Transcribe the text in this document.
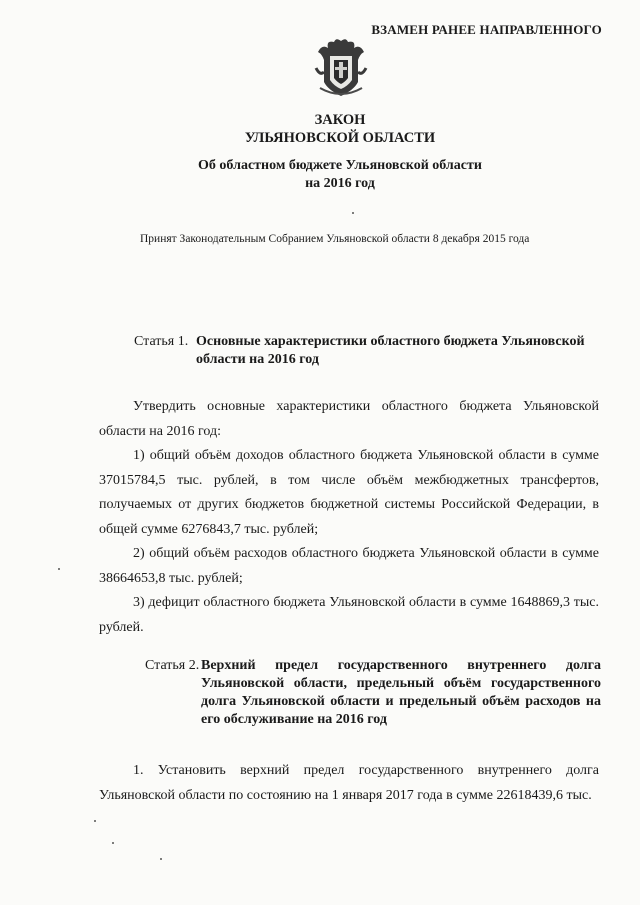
ВЗАМЕН РАНЕЕ НАПРАВЛЕННОГО
ЗАКОН
УЛЬЯНОВСКОЙ ОБЛАСТИ
Об областном бюджете Ульяновской области
на 2016 год
Принят Законодательным Собранием Ульяновской области 8 декабря 2015 года
Статья 1. Основные характеристики областного бюджета Ульяновской области на 2016 год

Утвердить основные характеристики областного бюджета Ульяновской области на 2016 год:

1) общий объём доходов областного бюджета Ульяновской области в сумме 37015784,5 тыс. рублей, в том числе объём межбюджетных трансфертов, получаемых от других бюджетов бюджетной системы Российской Федерации, в общей сумме 6276843,7 тыс. рублей;

2) общий объём расходов областного бюджета Ульяновской области в сумме 38664653,8 тыс. рублей;

3) дефицит областного бюджета Ульяновской области в сумме 1648869,3 тыс. рублей.

Статья 2. Верхний предел государственного внутреннего долга Ульяновской области, предельный объём государственного долга Ульяновской области и предельный объём расходов на его обслуживание на 2016 год

1. Установить верхний предел государственного внутреннего долга Ульяновской области по состоянию на 1 января 2017 года в сумме 22618439,6 тыс.
